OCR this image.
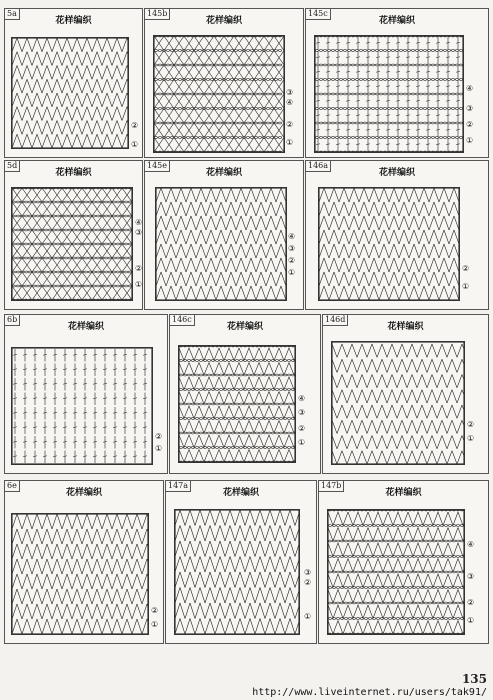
5a
花样编织
②
①
145b
花样编织
③
④
②
①
145c
花样编织
④
③
②
①
5d
花样编织
④
③
②
①
145e
花样编织
④
③
②
①
146a
花样编织
②
①
6b
花样编织
②
①
146c
花样编织
④
③
②
①
146d
花样编织
②
①
6e
花样编织
②
①
147a
花样编织
③
②
①
147b
花样编织
④
③
②
①
135
http://www.liveinternet.ru/users/tak91/
